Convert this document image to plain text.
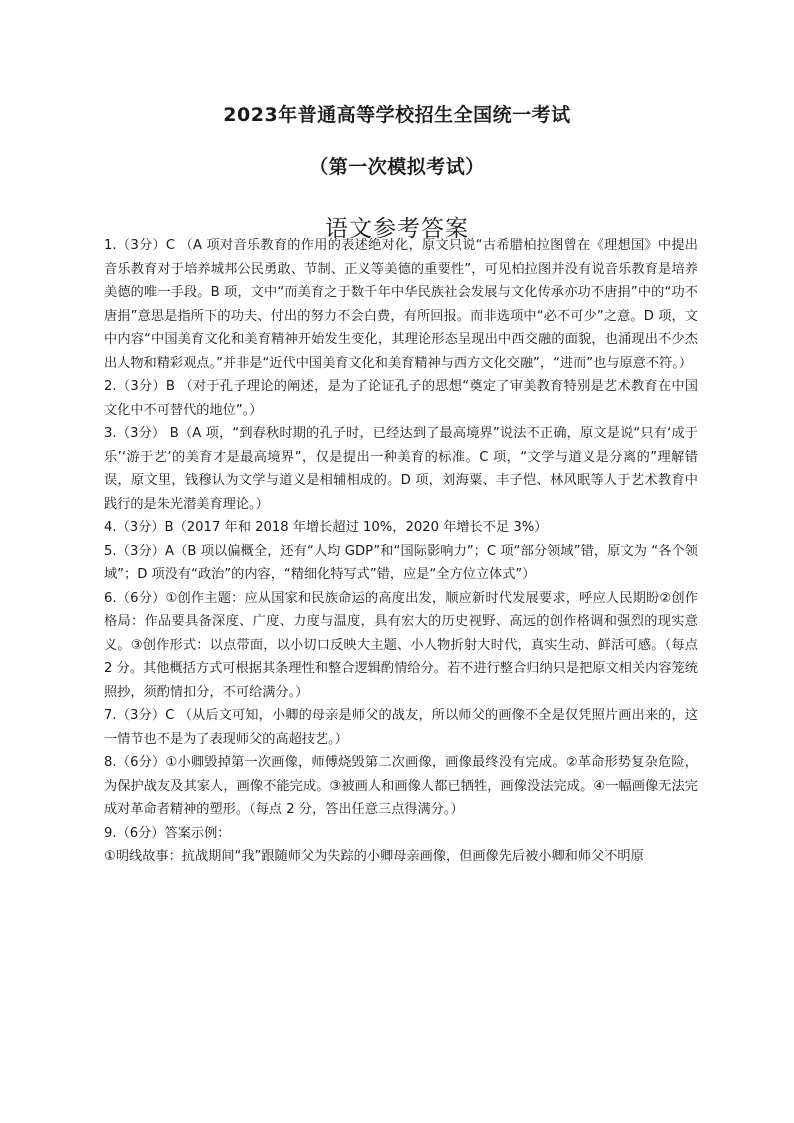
2023年普通高等学校招生全国统一考试
（第一次模拟考试）
语文参考答案

1.（3分）C （A 项对音乐教育的作用的表述绝对化，原文只说“古希腊柏拉图曾在《理想国》中提出音乐教育对于培养城邦公民勇敢、节制、正义等美德的重要性”，可见柏拉图并没有说音乐教育是培养美德的唯一手段。B 项，文中“而美育之于数千年中华民族社会发展与文化传承亦功不唐捐”中的“功不唐捐”意思是指所下的功夫、付出的努力不会白费，有所回报。而非选项中“必不可少”之意。D 项，文中内容“中国美育文化和美育精神开始发生变化，其理论形态呈现出中西交融的面貌，也涌现出不少杰出人物和精彩观点。”并非是“近代中国美育文化和美育精神与西方文化交融”，“进而”也与原意不符。）

2.（3分）B （对于孔子理论的阐述，是为了论证孔子的思想“奠定了审美教育特别是艺术教育在中国文化中不可替代的地位”。）

3.（3分） B（A 项，“到春秋时期的孔子时，已经达到了最高境界”说法不正确，原文是说“只有‘成于乐’‘游于艺’的美育才是最高境界”，仅是提出一种美育的标准。C 项，“文学与道义是分离的”理解错误，原文里，钱穆认为文学与道义是相辅相成的。D 项，刘海粟、丰子恺、林风眠等人于艺术教育中践行的是朱光潜美育理论。）

4.（3分）B（2017 年和 2018 年增长超过 10%，2020 年增长不足 3%）

5.（3分）A（B 项以偏概全，还有“人均 GDP”和“国际影响力”；C 项“部分领域”错，原文为 “各个领域”；D 项没有“政治”的内容，“精细化特写式”错，应是“全方位立体式”）

6.（6分）①创作主题：应从国家和民族命运的高度出发，顺应新时代发展要求，呼应人民期盼②创作格局：作品要具备深度、广度、力度与温度，具有宏大的历史视野、高远的创作格调和强烈的现实意义。③创作形式：以点带面，以小切口反映大主题、小人物折射大时代，真实生动、鲜活可感。（每点 2 分。其他概括方式可根据其条理性和整合逻辑酌情给分。若不进行整合归纳只是把原文相关内容笼统照抄，须酌情扣分，不可给满分。）

7.（3分）C （从后文可知，小卿的母亲是师父的战友，所以师父的画像不全是仅凭照片画出来的，这一情节也不是为了表现师父的高超技艺。）

8.（6分）①小卿毁掉第一次画像，师傅烧毁第二次画像，画像最终没有完成。②革命形势复杂危险，为保护战友及其家人，画像不能完成。③被画人和画像人都已牺牲，画像没法完成。④一幅画像无法完成对革命者精神的塑形。（每点 2 分，答出任意三点得满分。）

9.（6分）答案示例：

①明线故事：抗战期间“我”跟随师父为失踪的小卿母亲画像，但画像先后被小卿和师父不明原
